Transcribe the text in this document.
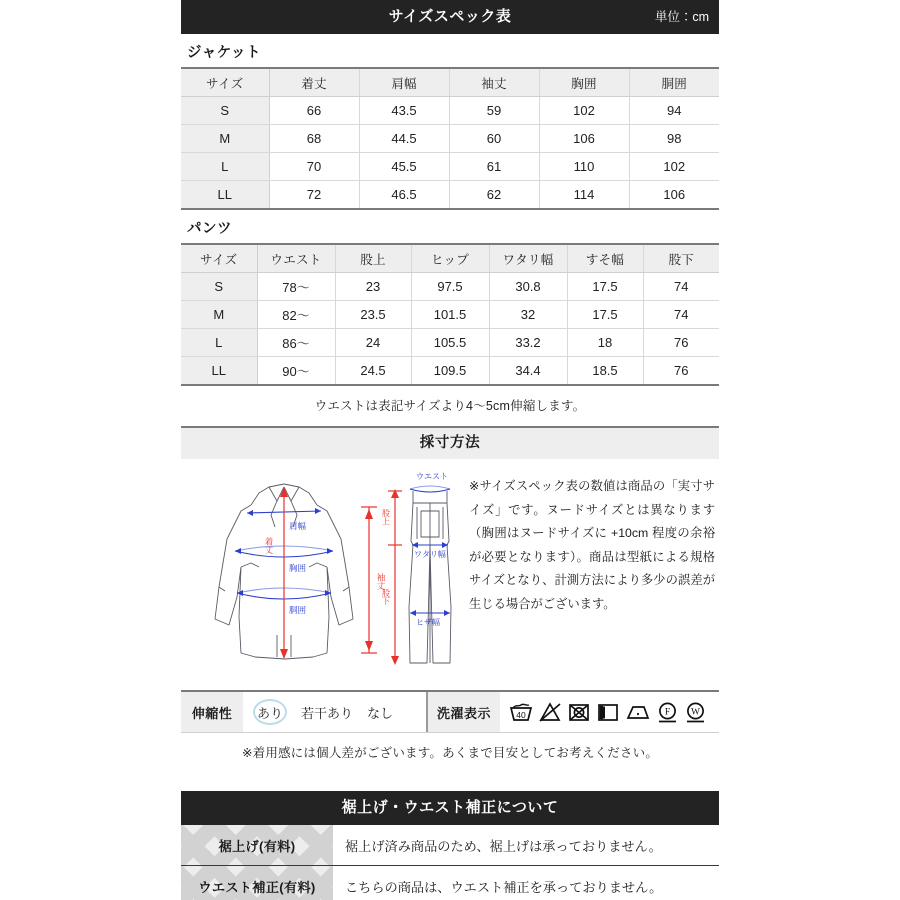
サイズスペック表	単位：cm
ジャケット
サイズ	着丈	肩幅	袖丈	胸囲	胴囲
S	66	43.5	59	102	94
M	68	44.5	60	106	98
L	70	45.5	61	110	102
LL	72	46.5	62	114	106
パンツ
サイズ	ウエスト	股上	ヒップ	ワタリ幅	すそ幅	股下
S	78〜	23	97.5	30.8	17.5	74
M	82〜	23.5	101.5	32	17.5	74
L	86〜	24	105.5	33.2	18	76
LL	90〜	24.5	109.5	34.4	18.5	76
ウエストは表記サイズより4〜5cm伸縮します。
採寸方法
肩幅
胸囲
胴囲
着丈
袖丈
ウエスト
ワタリ幅
ヒザ幅
股上
股下
※サイズスペック表の数値は商品の「実寸サイズ」です。ヌードサイズとは異なります（胸囲はヌードサイズに +10cm 程度の余裕が必要となります）。商品は型紙による規格サイズとなり、計測方法により多少の誤差が生じる場合がございます。
伸縮性	あり	若干あり なし	洗濯表示	40	F W
※着用感には個人差がございます。あくまで目安としてお考えください。
裾上げ・ウエスト補正について
裾上げ(有料)	裾上げ済み商品のため、裾上げは承っておりません。
ウエスト補正(有料)	こちらの商品は、ウエスト補正を承っておりません。
